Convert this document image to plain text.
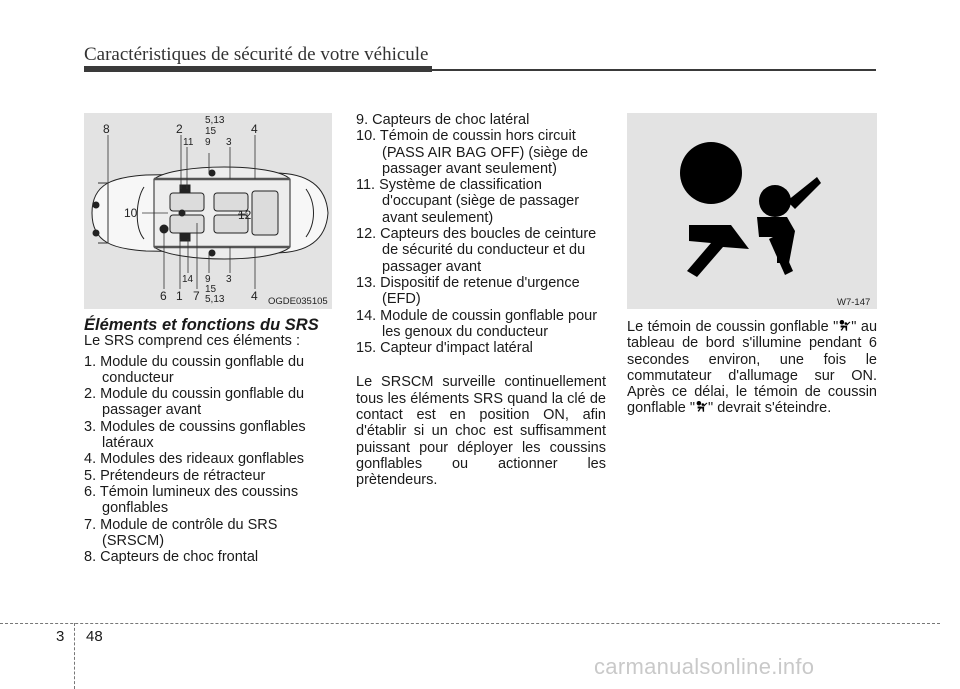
Caractéristiques de sécurité de votre véhicule
8	2
11 9
15
5,13
3
4
10	12
6 1 7
14 9
15
5,13
3
4 OGDE035105	W7-147

Éléments et fonctions du SRS

Le SRS comprend ces éléments :

1. Module du coussin gonflable du conducteur

2. Module du coussin gonflable du passager avant

3. Modules de coussins gonflables latéraux

4. Modules des rideaux gonflables

5. Prétendeurs de rétracteur

6. Témoin lumineux des coussins gonflables

7. Module de contrôle du SRS (SRSCM)

8. Capteurs de choc frontal

9. Capteurs de choc latéral

10. Témoin de coussin hors circuit (PASS AIR BAG OFF) (siège de passager avant seulement)

11. Système de classification d'occupant (siège de passager avant seulement)

12. Capteurs des boucles de ceinture de sécurité du conducteur et du passager avant

13. Dispositif de retenue d'urgence (EFD)

14. Module de coussin gonflable pour les genoux du conducteur

15. Capteur d'impact latéral

Le SRSCM surveille continuellement tous les éléments SRS quand la clé de contact est en position ON, afin d'établir si un choc est suffisamment puissant pour déployer les coussins gonflables ou actionner les prètendeurs.

Le témoin de coussin gonflable " " au tableau de bord s'illumine pendant 6 secondes environ, une fois le commutateur d'allumage sur ON. Après ce délai, le témoin de coussin gonflable " " devrait s'éteindre.

3 48
carmanualsonline.info
